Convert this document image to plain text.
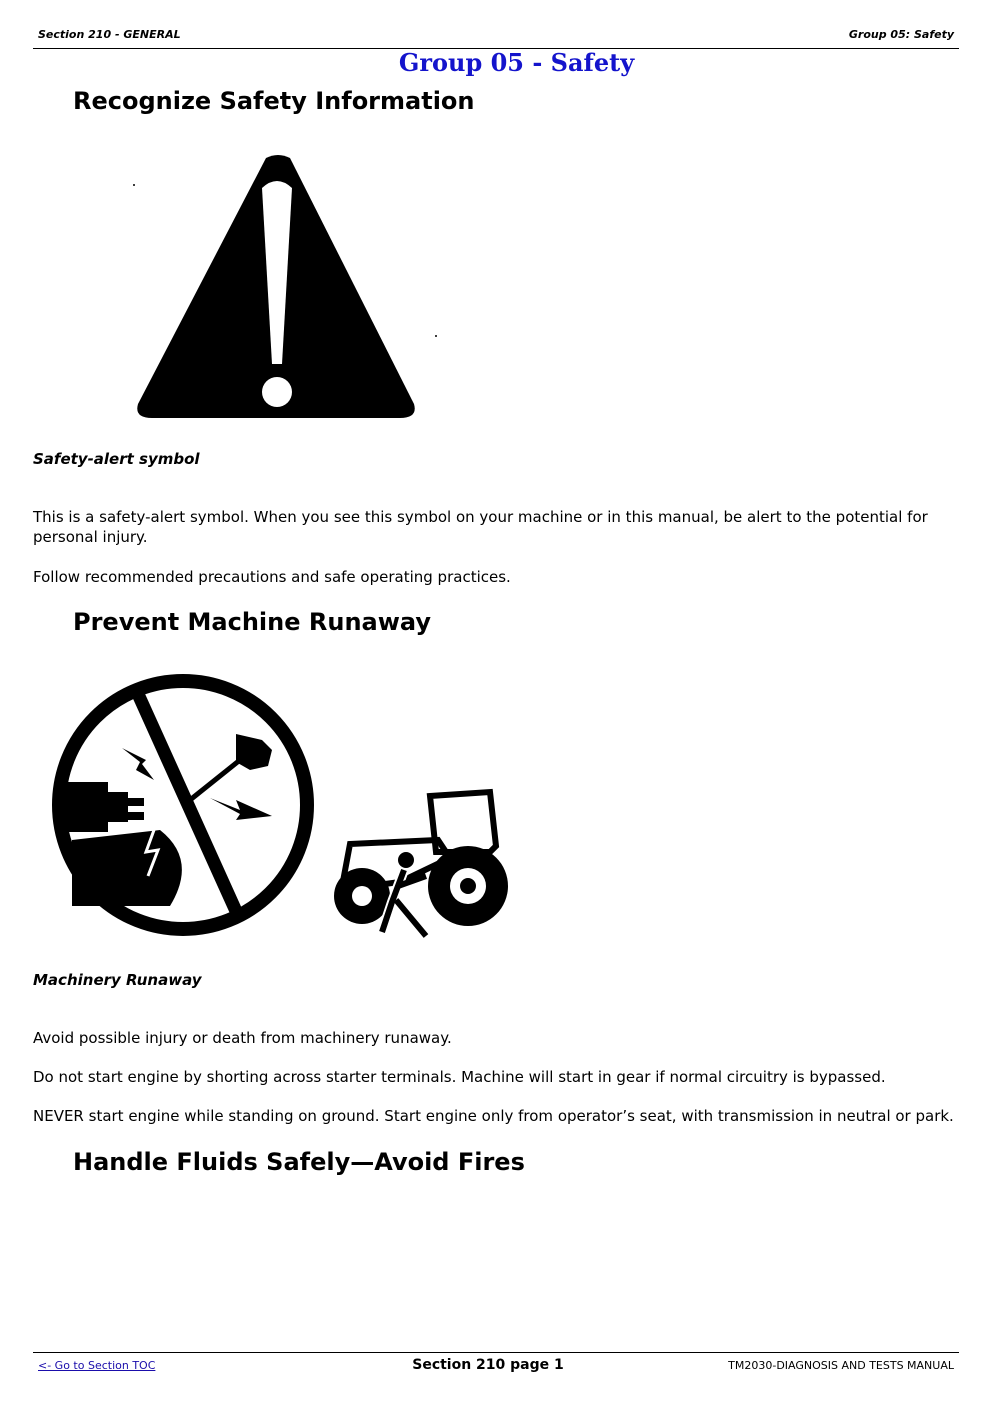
Section 210 - GENERAL	Group 05: Safety
Group 05 - Safety
Recognize Safety Information
Safety-alert symbol
This is a safety-alert symbol. When you see this symbol on your machine or in this manual, be alert to the potential for personal injury.
Follow recommended precautions and safe operating practices.
Prevent Machine Runaway
Machinery Runaway
Avoid possible injury or death from machinery runaway.
Do not start engine by shorting across starter terminals. Machine will start in gear if normal circuitry is bypassed.
NEVER start engine while standing on ground. Start engine only from operator’s seat, with transmission in neutral or park.
Handle Fluids Safely—Avoid Fires
<- Go to Section TOC	Section 210 page 1	TM2030-DIAGNOSIS AND TESTS MANUAL
